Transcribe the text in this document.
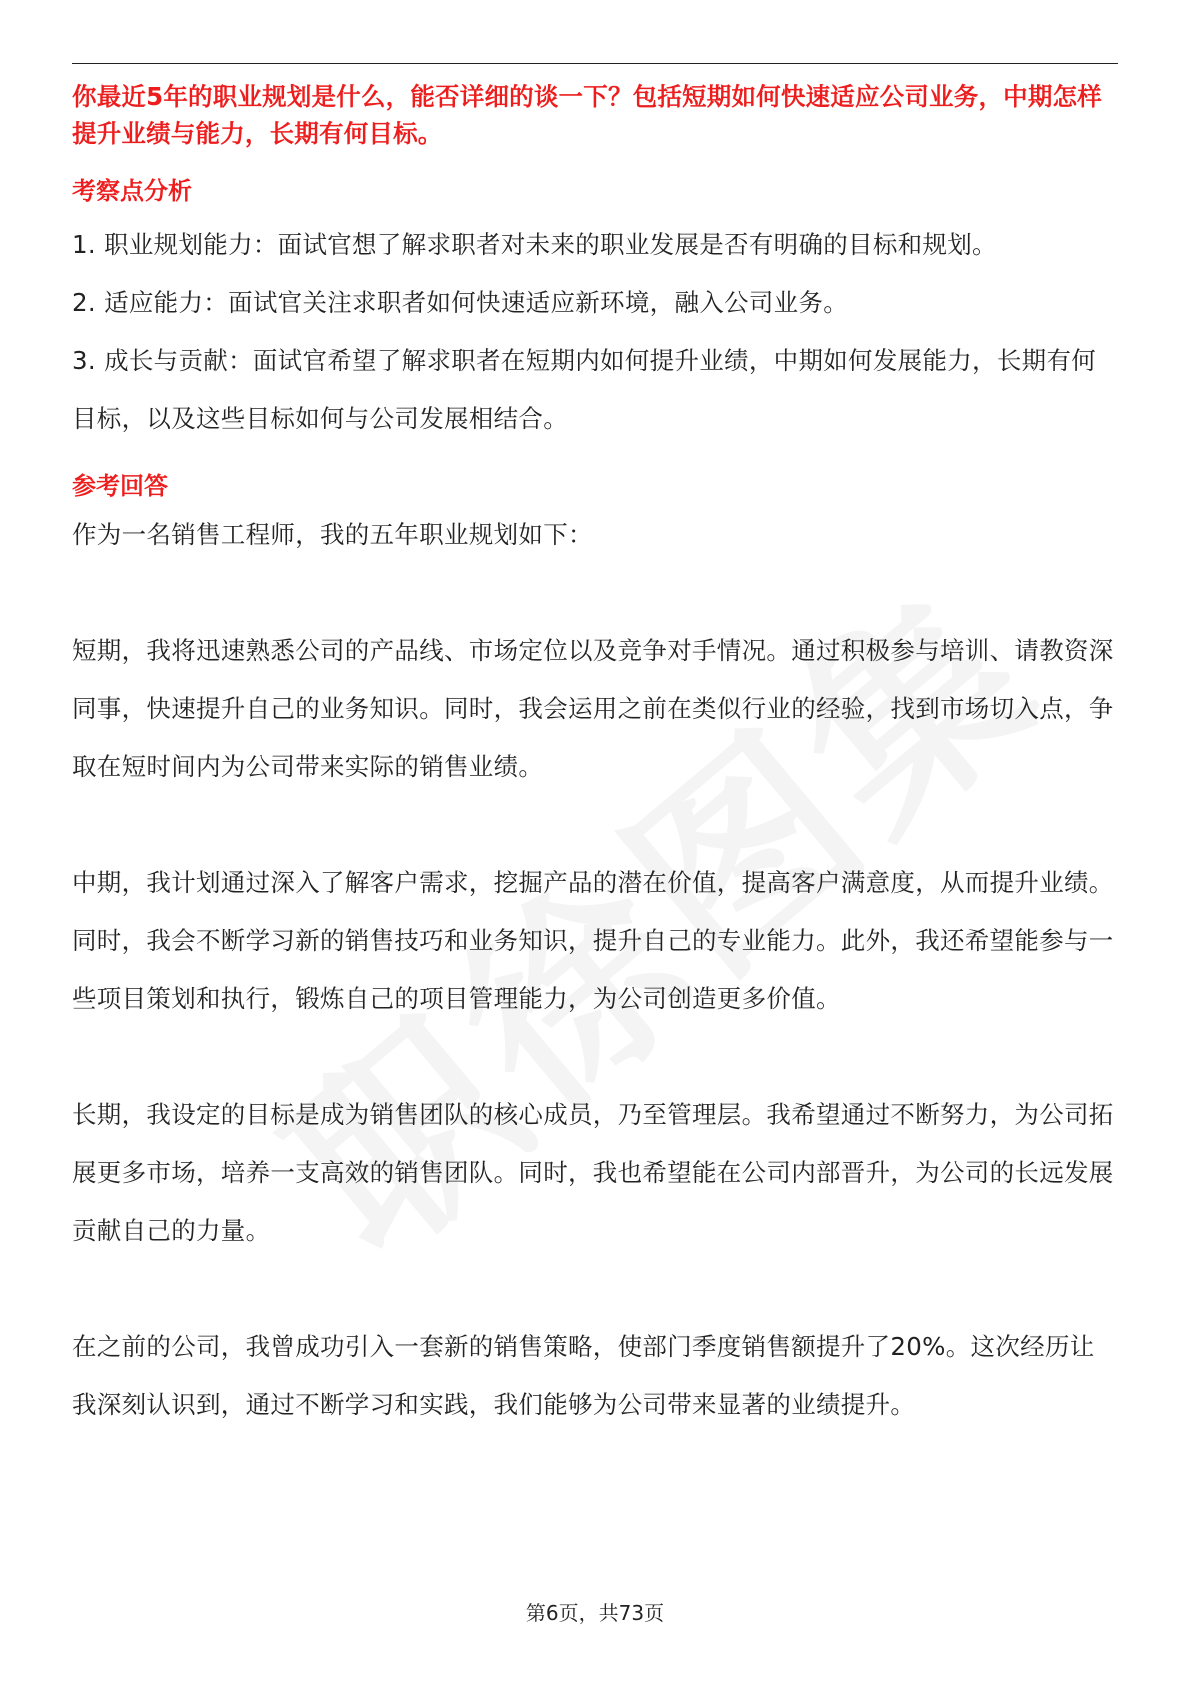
你最近5年的职业规划是什么，能否详细的谈一下？包括短期如何快速适应公司业务，中期怎样提升业绩与能力，长期有何目标。

考察点分析

1. 职业规划能力：面试官想了解求职者对未来的职业发展是否有明确的目标和规划。

2. 适应能力：面试官关注求职者如何快速适应新环境，融入公司业务。

3. 成长与贡献：面试官希望了解求职者在短期内如何提升业绩，中期如何发展能力，长期有何目标，以及这些目标如何与公司发展相结合。

参考回答

作为一名销售工程师，我的五年职业规划如下：

短期，我将迅速熟悉公司的产品线、市场定位以及竞争对手情况。通过积极参与培训、请教资深同事，快速提升自己的业务知识。同时，我会运用之前在类似行业的经验，找到市场切入点，争取在短时间内为公司带来实际的销售业绩。

中期，我计划通过深入了解客户需求，挖掘产品的潜在价值，提高客户满意度，从而提升业绩。同时，我会不断学习新的销售技巧和业务知识，提升自己的专业能力。此外，我还希望能参与一些项目策划和执行，锻炼自己的项目管理能力，为公司创造更多价值。

长期，我设定的目标是成为销售团队的核心成员，乃至管理层。我希望通过不断努力，为公司拓展更多市场，培养一支高效的销售团队。同时，我也希望能在公司内部晋升，为公司的长远发展贡献自己的力量。

在之前的公司，我曾成功引入一套新的销售策略，使部门季度销售额提升了20%。这次经历让我深刻认识到，通过不断学习和实践，我们能够为公司带来显著的业绩提升。

第6页，共73页
